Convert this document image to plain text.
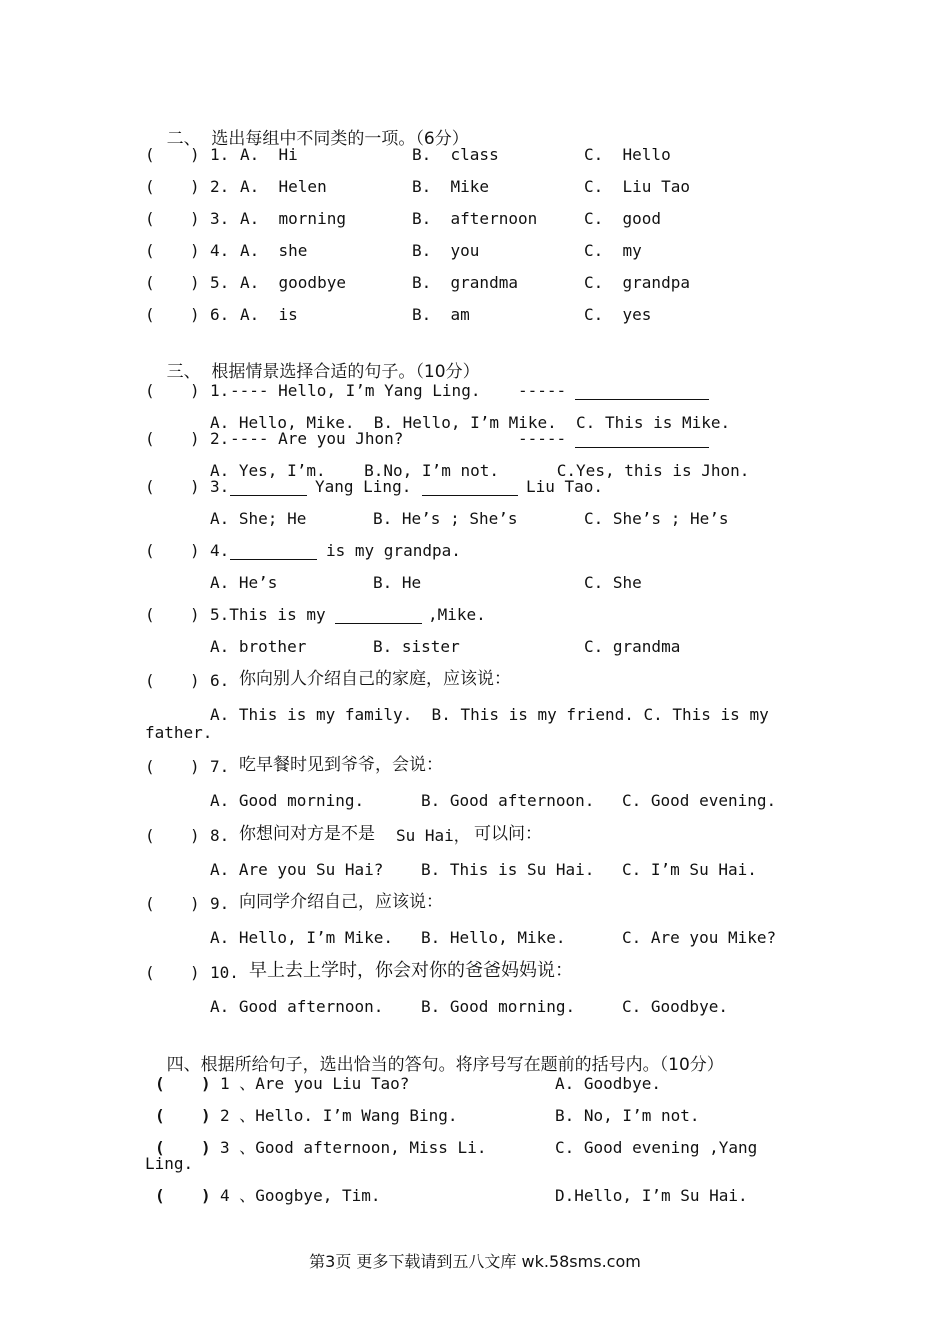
二、  选出每组中不同类的一项。（6分）

( ) 1. A.  Hi	B.  class	C.  Hello
( ) 2. A.  Helen	B.  Mike	C.  Liu Tao
( ) 3. A.  morning	B.  afternoon	C.  good
( ) 4. A.  she	B.  you	C.  my
( ) 5. A.  goodbye	B.  grandma	C.  grandpa
( ) 6. A.  is	B.  am	C.  yes

三、  根据情景选择合适的句子。（10分）

( ) 1. ---- Hello, I’m Yang Ling. -----
A. Hello, Mike.  B. Hello, I’m Mike.  C. This is Mike.
( ) 2. ---- Are you Jhon?	-----
A. Yes, I’m.    B.No, I’m not.      C.Yes, this is Jhon.
( ) 3.	Yang Ling.	Liu Tao.
A. She; He	B. He’s ; She’s	C. She’s ; He’s
( ) 4.	is my grandpa.
A. He’s	B. He	C. She
( ) 5.This is my	,Mike.
A. brother	B. sister	C. grandma
( ) 6. 你向别人介绍自己的家庭，应该说：
A. This is my family.  B. This is my friend. C. This is my
father.
( ) 7. 吃早餐时见到爷爷，会说：
A. Good morning.	B. Good afternoon. C. Good evening.
( ) 8. 你想问对方是不是 Su Hai， 可以问：
A. Are you Su Hai? B. This is Su Hai. C. I’m Su Hai.
( ) 9. 向同学介绍自己，应该说：
A. Hello, I’m Mike. B. Hello, Mike.	C. Are you Mike?
( ) 10. 早上去上学时，你会对你的爸爸妈妈说：
A. Good afternoon. B. Good morning.	C. Goodbye.

四、根据所给句子，选出恰当的答句。将序号写在题前的括号内。（10分）

( ) 1 、Are you Liu Tao?	A. Goodbye.
( ) 2 、Hello. I’m Wang Bing.	B. No, I’m not.
( ) 3 、Good afternoon, Miss Li.	C. Good evening ,Yang
Ling.
( ) 4 、Googbye, Tim.	D.Hello, I’m Su Hai.
第3页 更多下载请到五八文库 wk.58sms.com
